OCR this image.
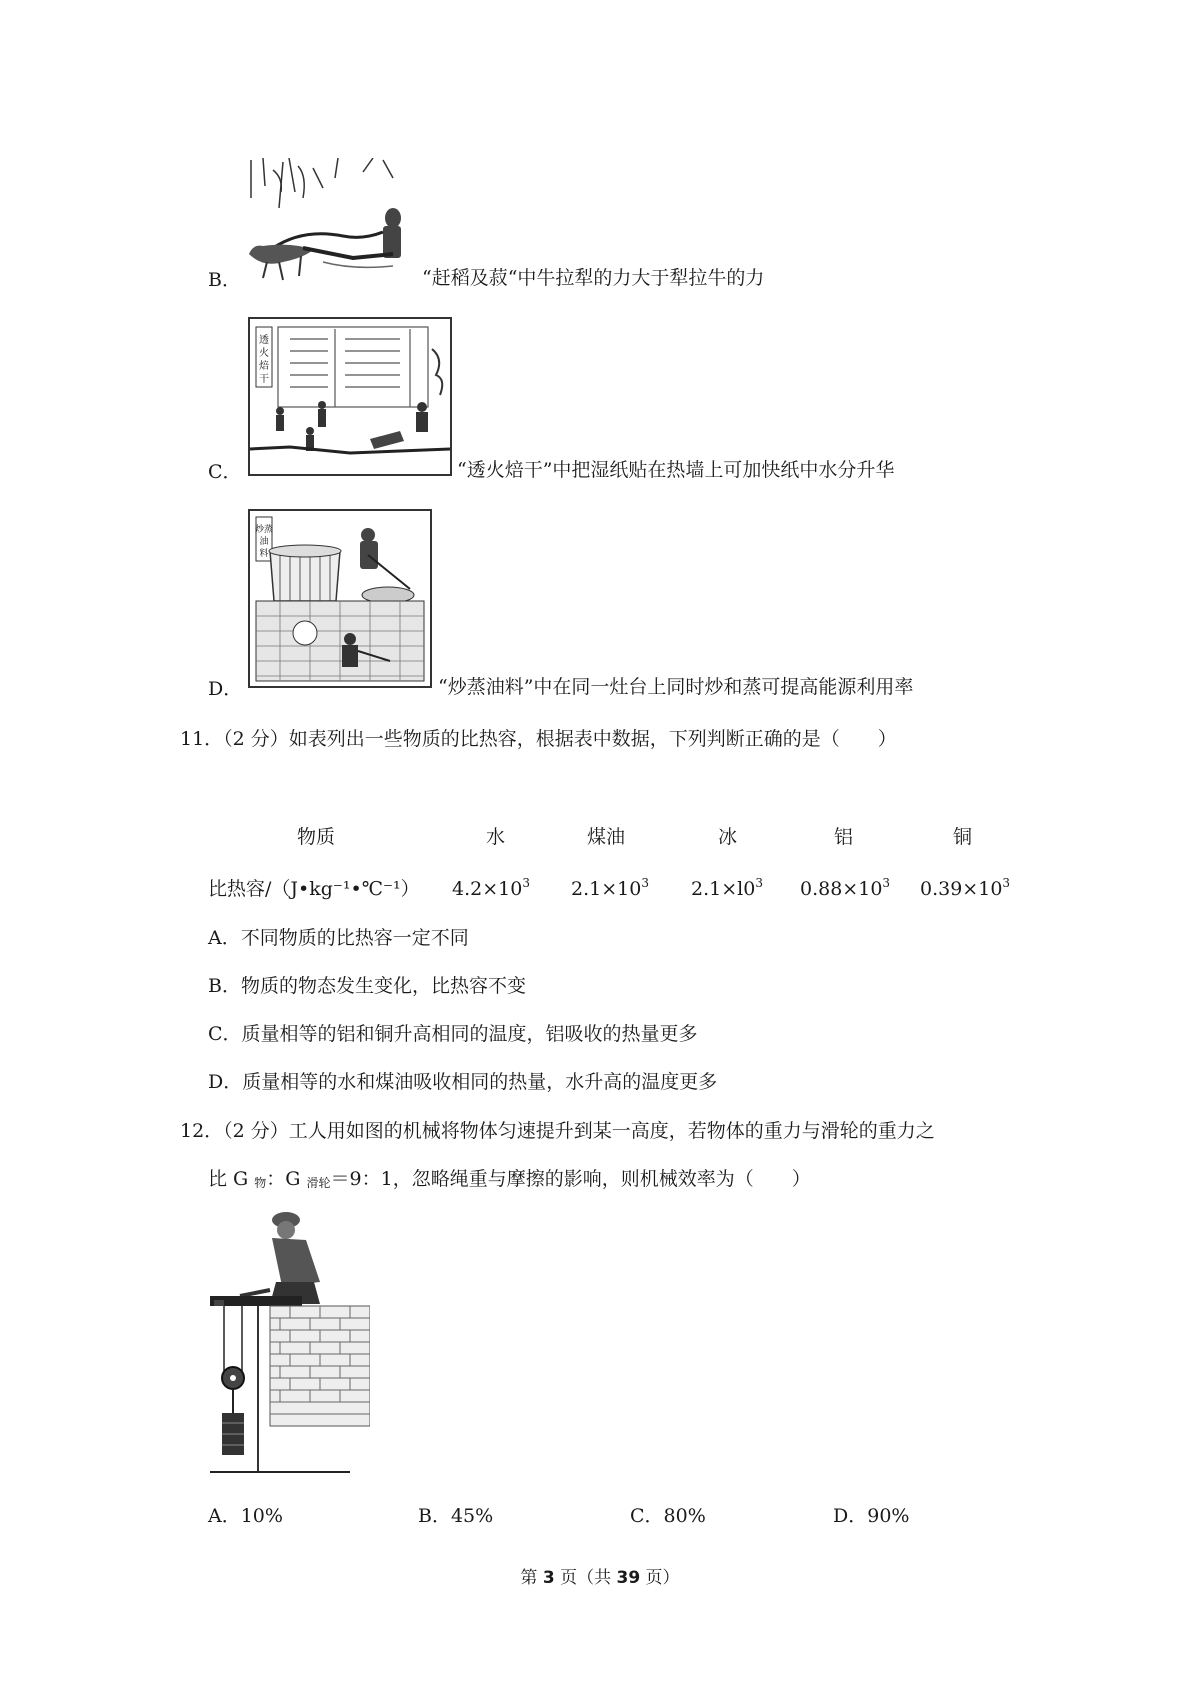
B．	“赶稻及菽“中牛拉犁的力大于犁拉牛的力
透
火
焙
干
C．	“透火焙干”中把湿纸贴在热墙上可加快纸中水分升华
炒蒸
油
料
D．	“炒蒸油料”中在同一灶台上同时炒和蒸可提高能源利用率
11．（2 分）如表列出一些物质的比热容，根据表中数据，下列判断正确的是（　　）
物质	水	煤油	冰	铝	铜
比热容/（J•kg⁻¹•℃⁻¹） $4.2\times 10^3$ $2.1\times 10^3$ $2.1\times l0^3$ $0.88\times 10^3$ $0.39\times 10^3$
A．不同物质的比热容一定不同
B．物质的物态发生变化，比热容不变
C．质量相等的铝和铜升高相同的温度，铝吸收的热量更多
D．质量相等的水和煤油吸收相同的热量，水升高的温度更多
12．（2 分）工人用如图的机械将物体匀速提升到某一高度，若物体的重力与滑轮的重力之
比 G $_物$：G $_{滑轮}$＝9：1，忽略绳重与摩擦的影响，则机械效率为（　　）
A．10%	B．45%	C．80%	D．90%
第 3 页（共 39 页）
